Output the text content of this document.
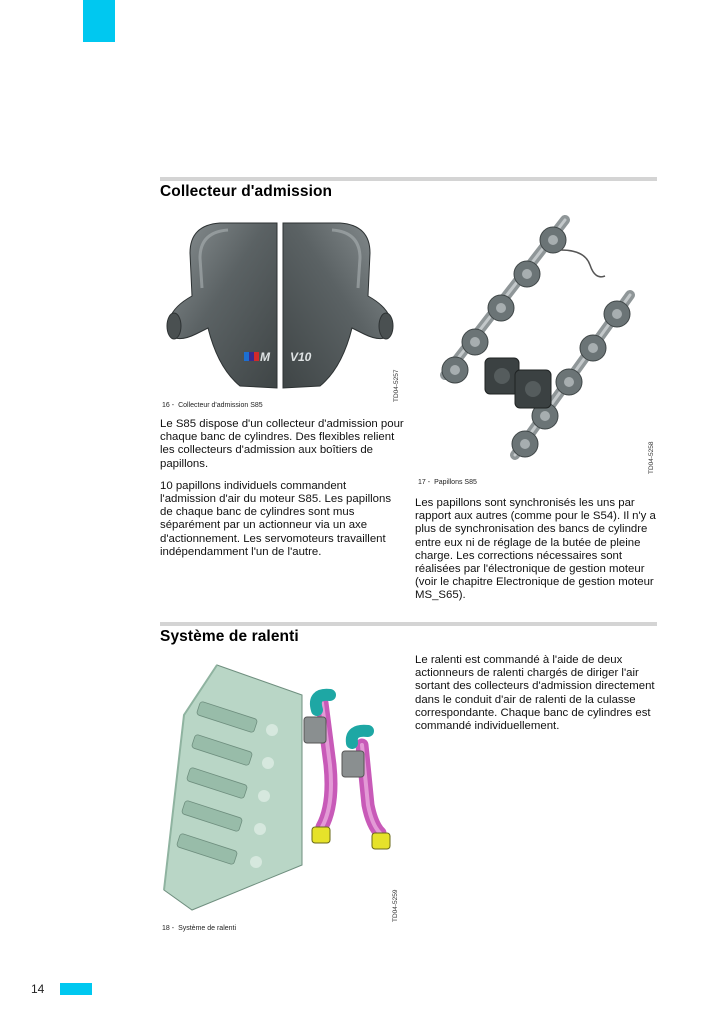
Collecteur d'admission
M V10
TD04-5257
16 - Collecteur d'admission S85

Le S85 dispose d'un collecteur d'admission pour chaque banc de cylindres. Des flexibles relient les collecteurs d'admission aux boîtiers de papillons.

10 papillons individuels commandent l'admission d'air du moteur S85. Les papillons de chaque banc de cylindres sont mus séparément par un actionneur via un axe d'actionnement. Les servomoteurs travaillent indépendamment l'un de l'autre.

TD04-5258
17 - Papillons S85

Les papillons sont synchronisés les uns par rapport aux autres (comme pour le S54). Il n'y a plus de synchronisation des bancs de cylindre entre eux ni de réglage de la butée de pleine charge. Les corrections nécessaires sont réalisées par l'électronique de gestion moteur (voir le chapitre Electronique de gestion moteur MS_S65).

Système de ralenti
TD04-5259
18 - Système de ralenti

Le ralenti est commandé à l'aide de deux actionneurs de ralenti chargés de diriger l'air sortant des collecteurs d'admission directement dans le conduit d'air de ralenti de la culasse correspondante. Chaque banc de cylindres est commandé individuellement.

14
